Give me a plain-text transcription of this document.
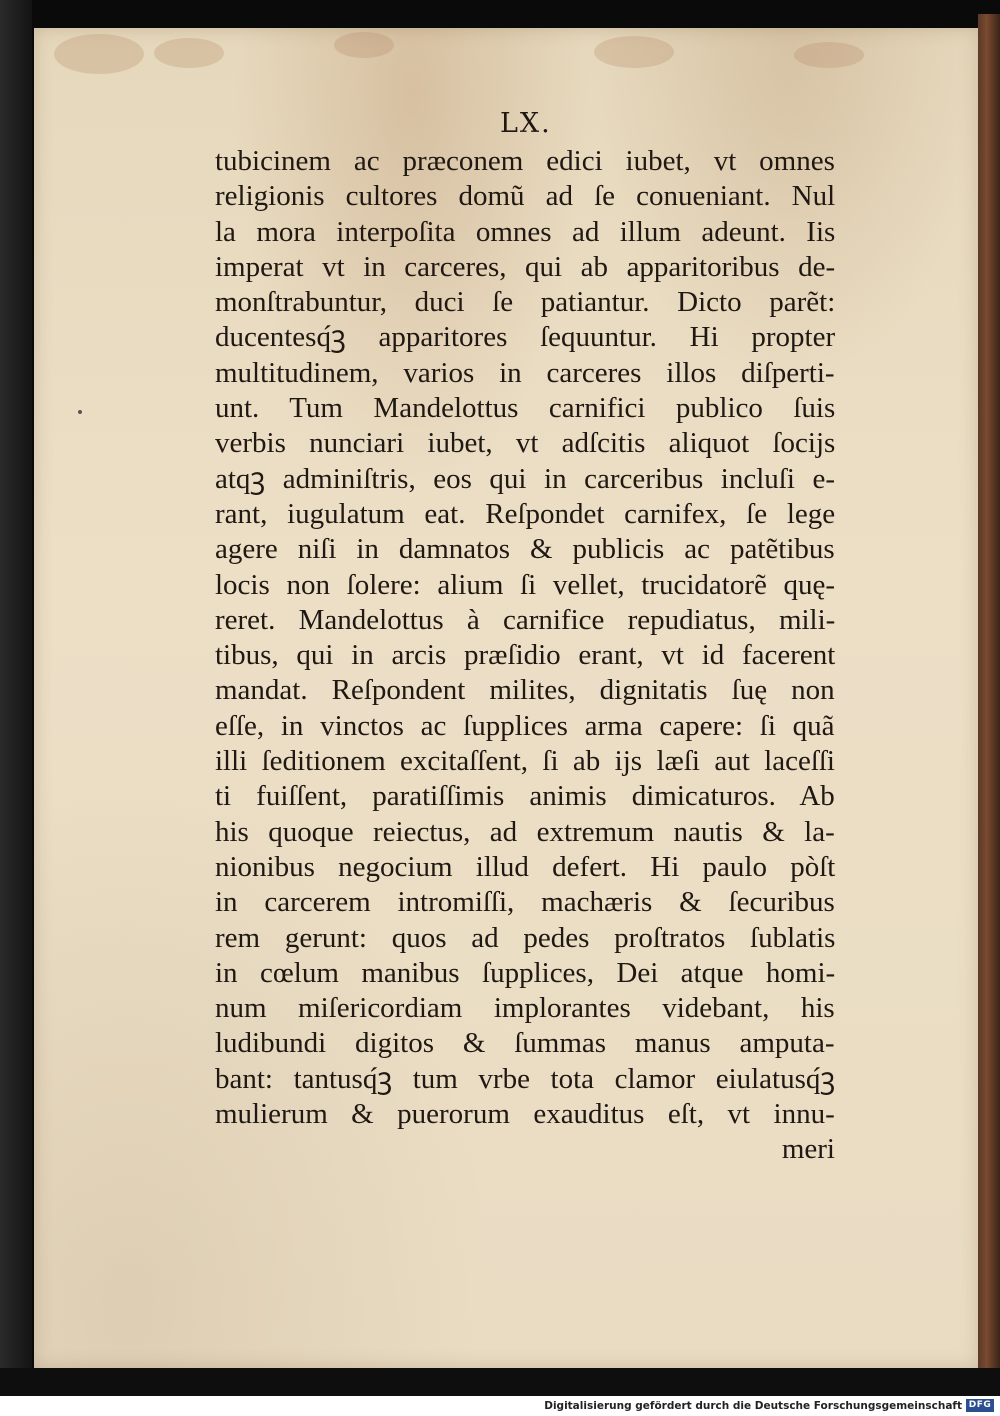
LX.
tubicinem ac præconem edici iubet, vt omnes
religionis cultores domũ ad ſe conueniant. Nul
la mora interpoſita omnes ad illum adeunt. Iis
imperat vt in carceres, qui ab apparitoribus de-
monſtrabuntur, duci ſe patiantur. Dicto parẽt:
ducentesq́ꝫ apparitores ſequuntur. Hi propter
multitudinem, varios in carceres illos diſperti-
unt. Tum Mandelottus carnifici publico ſuis
verbis nunciari iubet, vt adſcitis aliquot ſocijs
atqꝫ adminiſtris, eos qui in carceribus incluſi e-
rant, iugulatum eat. Reſpondet carnifex, ſe lege
agere niſi in damnatos & publicis ac patẽtibus
locis non ſolere: alium ſi vellet, trucidatorẽ quę-
reret. Mandelottus à carnifice repudiatus, mili-
tibus, qui in arcis præſidio erant, vt id facerent
mandat. Reſpondent milites, dignitatis ſuę non
eſſe, in vinctos ac ſupplices arma capere: ſi quã
illi ſeditionem excitaſſent, ſi ab ijs læſi aut laceſſi
ti fuiſſent, paratiſſimis animis dimicaturos. Ab
his quoque reiectus, ad extremum nautis & la-
nionibus negocium illud defert. Hi paulo pòſt
in carcerem intromiſſi, machæris & ſecuribus
rem gerunt: quos ad pedes proſtratos ſublatis
in cœlum manibus ſupplices, Dei atque homi-
num miſericordiam implorantes videbant, his
ludibundi digitos & ſummas manus amputa-
bant: tantusq́ꝫ tum vrbe tota clamor eiulatusq́ꝫ
mulierum & puerorum exauditus eſt, vt innu-
meri
Digitalisierung gefördert durch die Deutsche Forschungsgemeinschaft DFG
